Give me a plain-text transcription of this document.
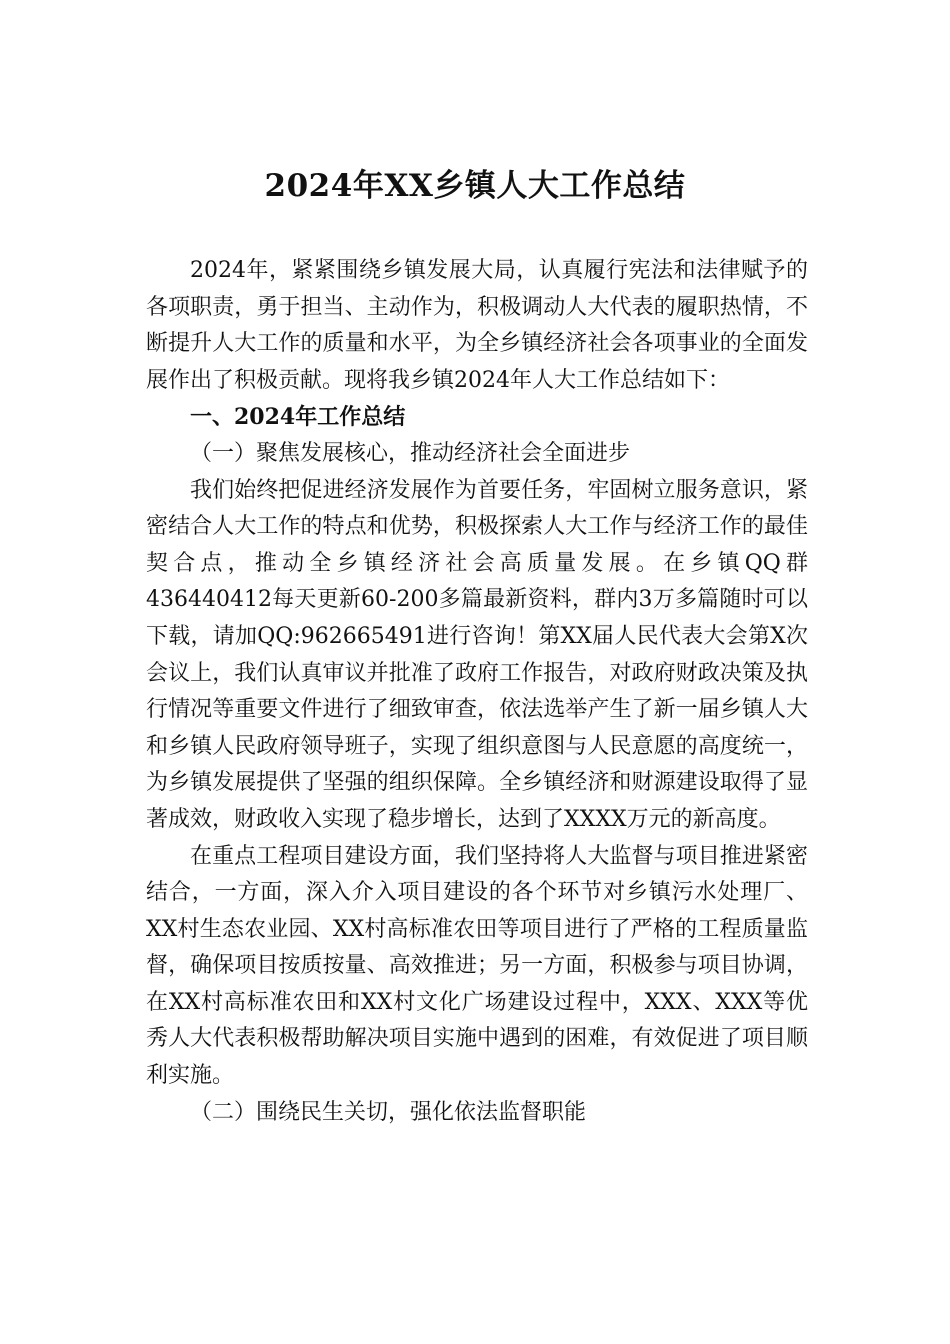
2024年XX乡镇人大工作总结

2024年，紧紧围绕乡镇发展大局，认真履行宪法和法律赋予的各项职责，勇于担当、主动作为，积极调动人大代表的履职热情，不断提升人大工作的质量和水平，为全乡镇经济社会各项事业的全面发展作出了积极贡献。现将我乡镇2024年人大工作总结如下：

一、2024年工作总结

（一）聚焦发展核心，推动经济社会全面进步

我们始终把促进经济发展作为首要任务，牢固树立服务意识，紧密结合人大工作的特点和优势，积极探索人大工作与经济工作的最佳契合点，推动全乡镇经济社会高质量发展。在乡镇QQ群436440412每天更新60-200多篇最新资料，群内3万多篇随时可以下载，请加QQ:962665491进行咨询！第XX届人民代表大会第X次会议上，我们认真审议并批准了政府工作报告，对政府财政决策及执行情况等重要文件进行了细致审查，依法选举产生了新一届乡镇人大和乡镇人民政府领导班子，实现了组织意图与人民意愿的高度统一，为乡镇发展提供了坚强的组织保障。全乡镇经济和财源建设取得了显著成效，财政收入实现了稳步增长，达到了XXXX万元的新高度。

在重点工程项目建设方面，我们坚持将人大监督与项目推进紧密结合，一方面，深入介入项目建设的各个环节对乡镇污水处理厂、XX村生态农业园、XX村高标准农田等项目进行了严格的工程质量监督，确保项目按质按量、高效推进；另一方面，积极参与项目协调，在XX村高标准农田和XX村文化广场建设过程中，XXX、XXX等优秀人大代表积极帮助解决项目实施中遇到的困难，有效促进了项目顺利实施。

（二）围绕民生关切，强化依法监督职能
